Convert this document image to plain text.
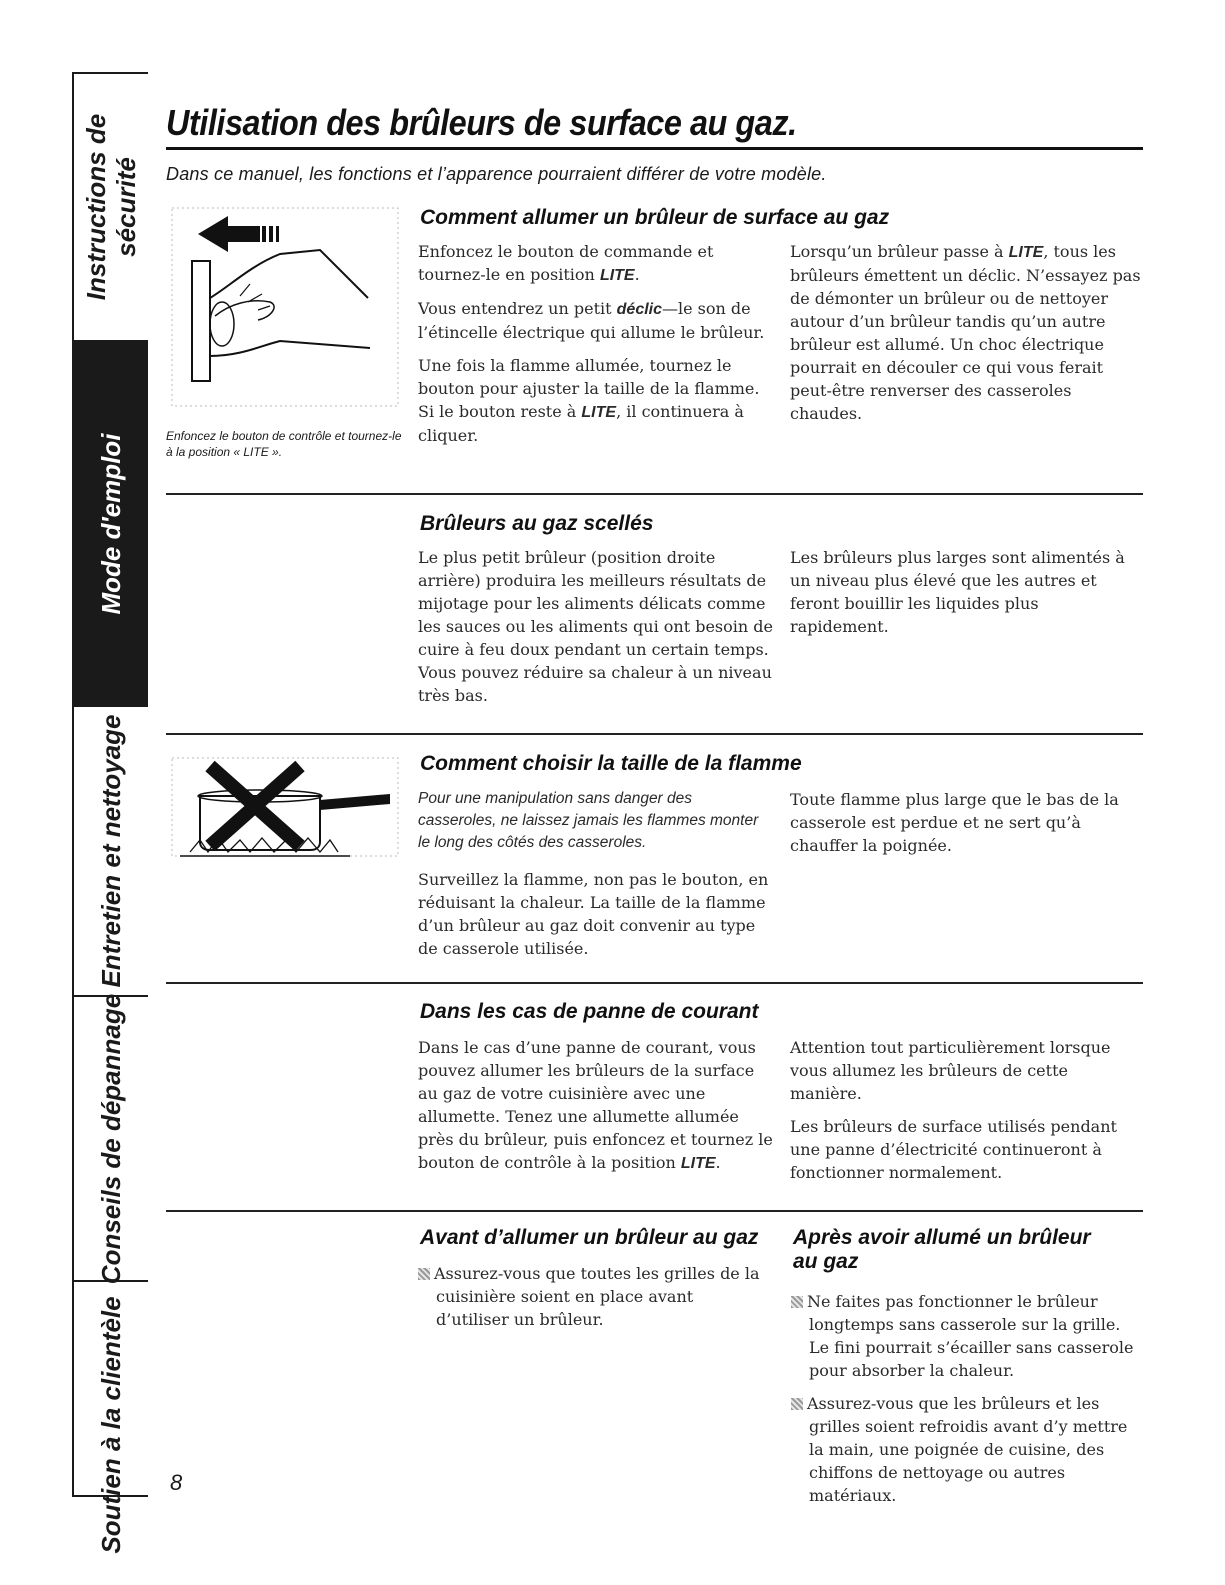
Instructions de sécurité
Mode d'emploi
Entretien et nettoyage
Conseils de dépannage
Soutien à la clientèle
Utilisation des brûleurs de surface au gaz.

Dans ce manuel, les fonctions et l’apparence pourraient différer de votre modèle.

Enfoncez le bouton de contrôle et tournez-le à la position « LITE ».
Comment allumer un brûleur de surface au gaz

Enfoncez le bouton de commande et tournez-le en position LITE.

Vous entendrez un petit déclic—le son de l’étincelle électrique qui allume le brûleur.

Une fois la flamme allumée, tournez le bouton pour ajuster la taille de la flamme. Si le bouton reste à LITE, il continuera à cliquer.

Lorsqu’un brûleur passe à LITE, tous les brûleurs émettent un déclic. N’essayez pas de démonter un brûleur ou de nettoyer autour d’un brûleur tandis qu’un autre brûleur est allumé. Un choc électrique pourrait en découler ce qui vous ferait peut-être renverser des casseroles chaudes.

Brûleurs au gaz scellés

Le plus petit brûleur (position droite arrière) produira les meilleurs résultats de mijotage pour les aliments délicats comme les sauces ou les aliments qui ont besoin de cuire à feu doux pendant un certain temps. Vous pouvez réduire sa chaleur à un niveau très bas.

Les brûleurs plus larges sont alimentés à un niveau plus élevé que les autres et feront bouillir les liquides plus rapidement.

Comment choisir la taille de la flamme

Pour une manipulation sans danger des casseroles, ne laissez jamais les flammes monter le long des côtés des casseroles.

Surveillez la flamme, non pas le bouton, en réduisant la chaleur. La taille de la flamme d’un brûleur au gaz doit convenir au type de casserole utilisée.

Toute flamme plus large que le bas de la casserole est perdue et ne sert qu’à chauffer la poignée.

Dans les cas de panne de courant

Dans le cas d’une panne de courant, vous pouvez allumer les brûleurs de la surface au gaz de votre cuisinière avec une allumette. Tenez une allumette allumée près du brûleur, puis enfoncez et tournez le bouton de contrôle à la position LITE.

Attention tout particulièrement lorsque vous allumez les brûleurs de cette manière.

Les brûleurs de surface utilisés pendant une panne d’électricité continueront à fonctionner normalement.

Avant d’allumer un brûleur au gaz

Assurez-vous que toutes les grilles de la cuisinière soient en place avant d’utiliser un brûleur.

Après avoir allumé un brûleur au gaz

Ne faites pas fonctionner le brûleur longtemps sans casserole sur la grille. Le fini pourrait s’écailler sans casserole pour absorber la chaleur.

Assurez-vous que les brûleurs et les grilles soient refroidis avant d’y mettre la main, une poignée de cuisine, des chiffons de nettoyage ou autres matériaux.

8
